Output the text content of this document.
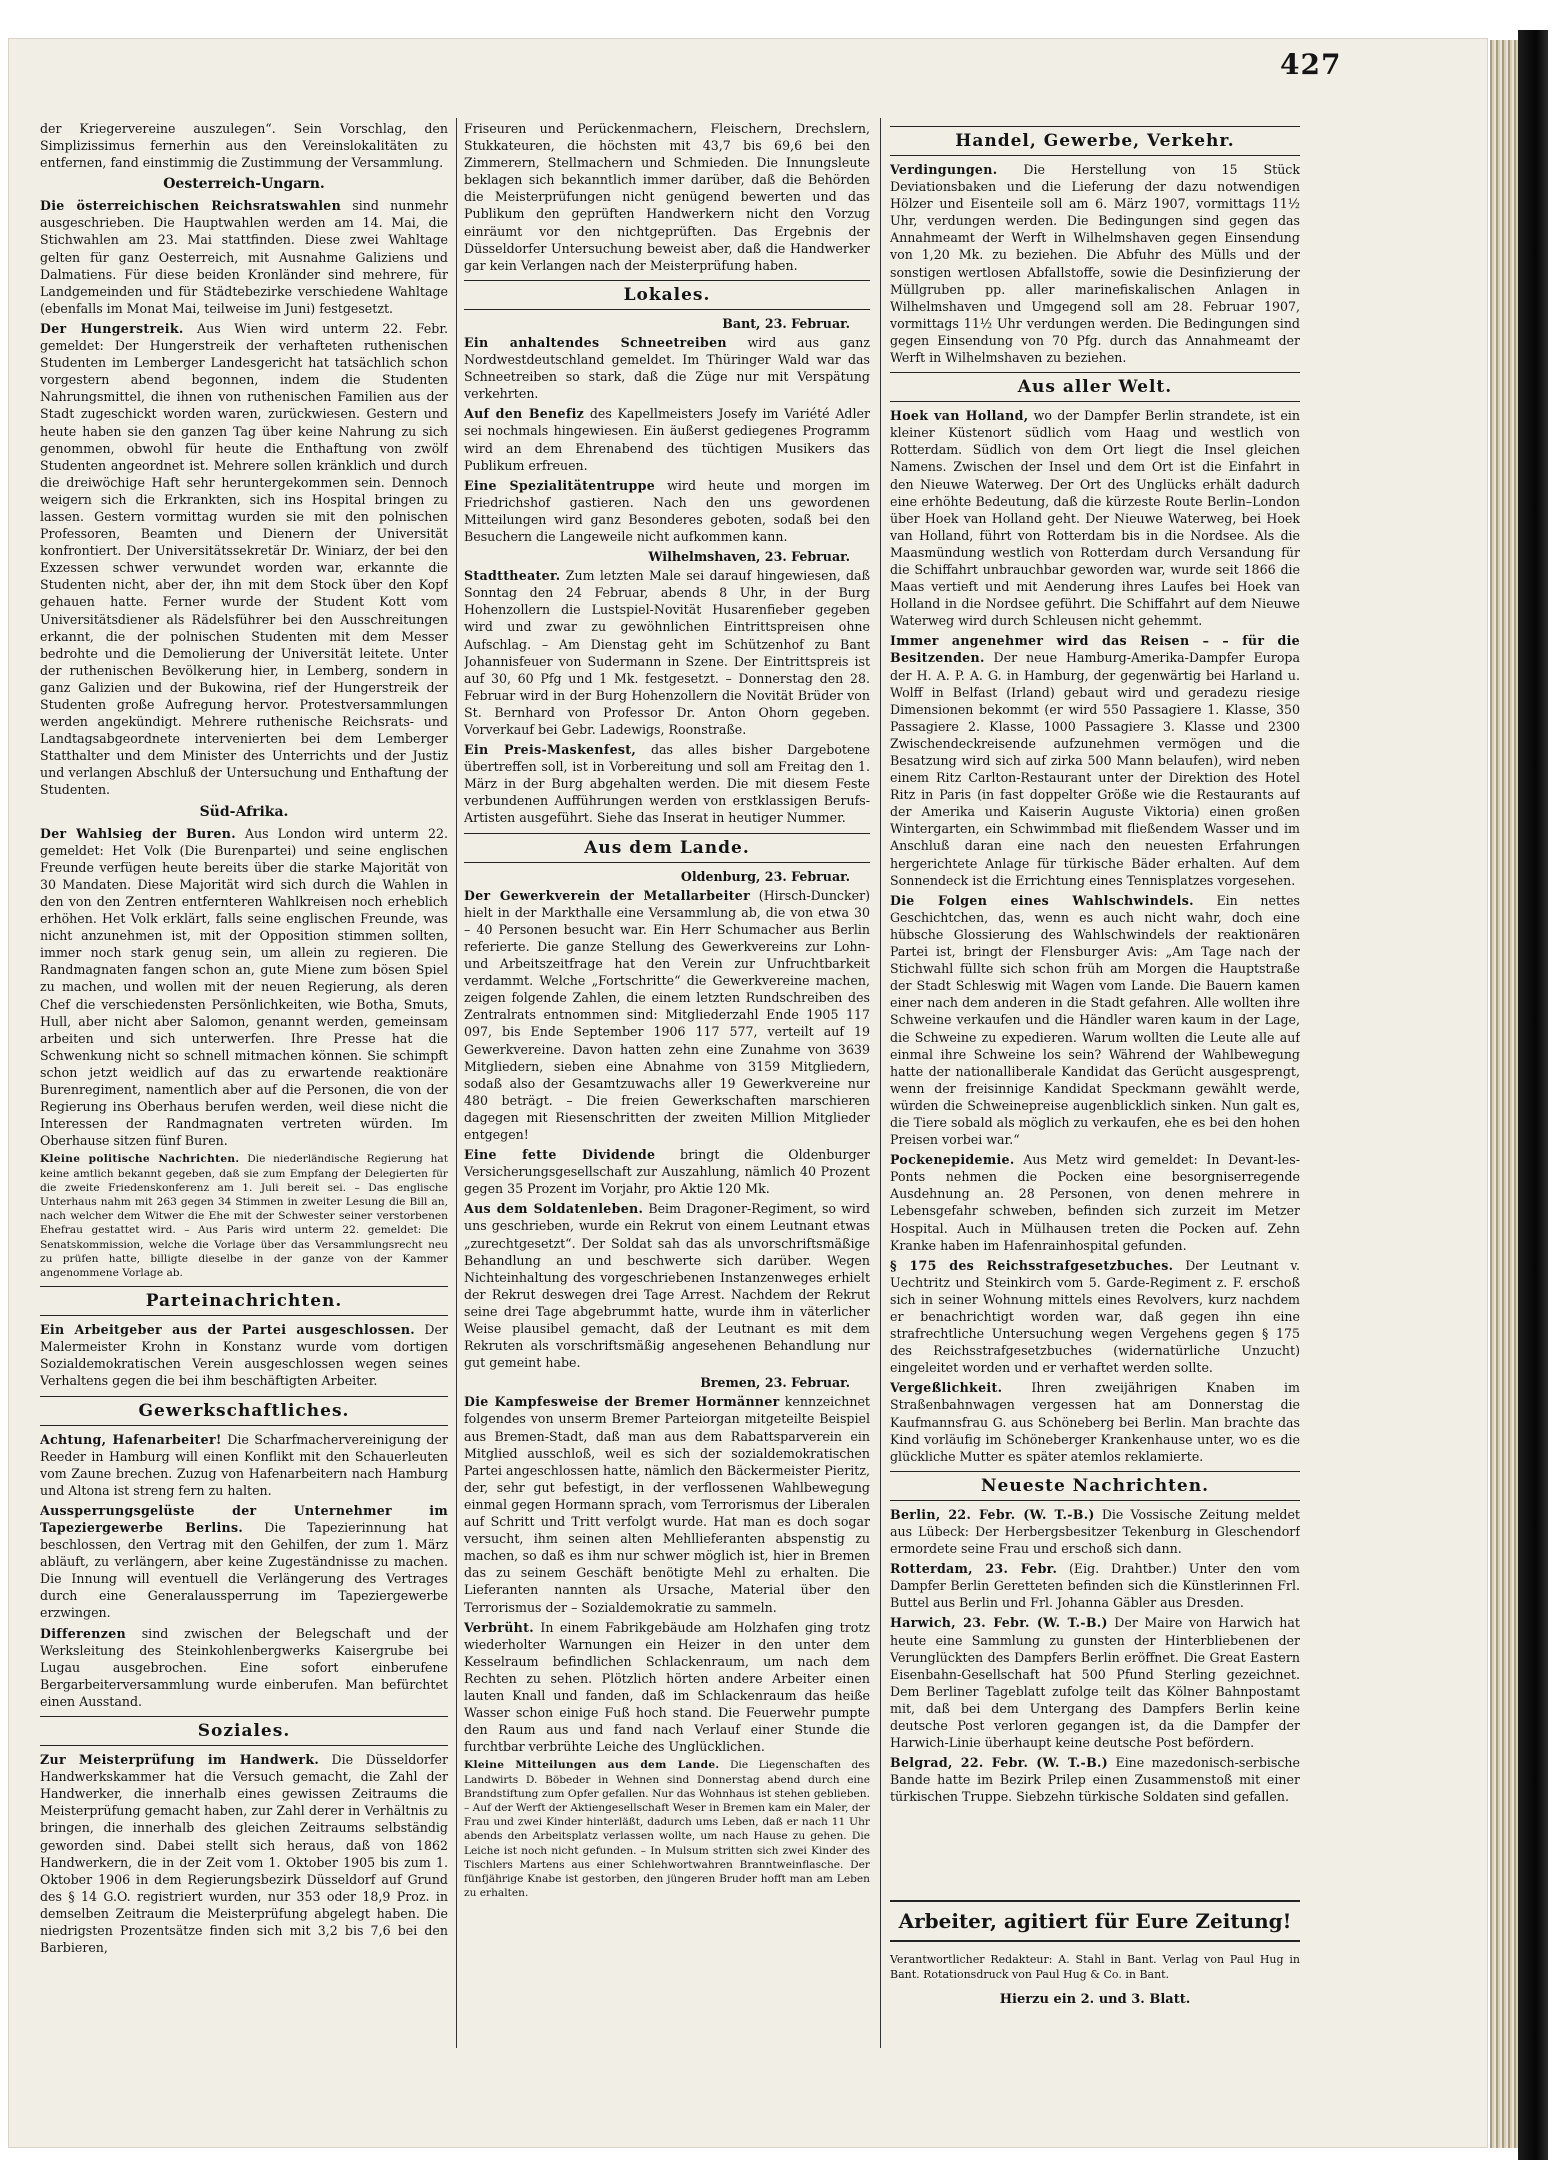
427

der Kriegervereine auszulegen“. Sein Vorschlag, den Simplizissimus fernerhin aus den Vereinslokalitäten zu entfernen, fand einstimmig die Zustimmung der Versammlung.

Oesterreich-Ungarn.

Die österreichischen Reichsratswahlen sind nunmehr ausgeschrieben. Die Hauptwahlen werden am 14. Mai, die Stichwahlen am 23. Mai stattfinden. Diese zwei Wahltage gelten für ganz Oesterreich, mit Ausnahme Galiziens und Dalmatiens. Für diese beiden Kronländer sind mehrere, für Landgemeinden und für Städtebezirke verschiedene Wahltage (ebenfalls im Monat Mai, teilweise im Juni) festgesetzt.

Der Hungerstreik. Aus Wien wird unterm 22. Febr. gemeldet: Der Hungerstreik der verhafteten ruthenischen Studenten im Lemberger Landesgericht hat tatsächlich schon vorgestern abend begonnen, indem die Studenten Nahrungsmittel, die ihnen von ruthenischen Familien aus der Stadt zugeschickt worden waren, zurückwiesen. Gestern und heute haben sie den ganzen Tag über keine Nahrung zu sich genommen, obwohl für heute die Enthaftung von zwölf Studenten angeordnet ist. Mehrere sollen kränklich und durch die dreiwöchige Haft sehr heruntergekommen sein. Dennoch weigern sich die Erkrankten, sich ins Hospital bringen zu lassen. Gestern vormittag wurden sie mit den polnischen Professoren, Beamten und Dienern der Universität konfrontiert. Der Universitätssekretär Dr. Winiarz, der bei den Exzessen schwer verwundet worden war, erkannte die Studenten nicht, aber der, ihn mit dem Stock über den Kopf gehauen hatte. Ferner wurde der Student Kott vom Universitätsdiener als Rädelsführer bei den Ausschreitungen erkannt, die der polnischen Studenten mit dem Messer bedrohte und die Demolierung der Universität leitete. Unter der ruthenischen Bevölkerung hier, in Lemberg, sondern in ganz Galizien und der Bukowina, rief der Hungerstreik der Studenten große Aufregung hervor. Protestversammlungen werden angekündigt. Mehrere ruthenische Reichsrats- und Landtagsabgeordnete intervenierten bei dem Lemberger Statthalter und dem Minister des Unterrichts und der Justiz und verlangen Abschluß der Untersuchung und Enthaftung der Studenten.

Süd-Afrika.

Der Wahlsieg der Buren. Aus London wird unterm 22. gemeldet: Het Volk (Die Burenpartei) und seine englischen Freunde verfügen heute bereits über die starke Majorität von 30 Mandaten. Diese Majorität wird sich durch die Wahlen in den von den Zentren entfernteren Wahlkreisen noch erheblich erhöhen. Het Volk erklärt, falls seine englischen Freunde, was nicht anzunehmen ist, mit der Opposition stimmen sollten, immer noch stark genug sein, um allein zu regieren. Die Randmagnaten fangen schon an, gute Miene zum bösen Spiel zu machen, und wollen mit der neuen Regierung, als deren Chef die verschiedensten Persönlichkeiten, wie Botha, Smuts, Hull, aber nicht aber Salomon, genannt werden, gemeinsam arbeiten und sich unterwerfen. Ihre Presse hat die Schwenkung nicht so schnell mitmachen können. Sie schimpft schon jetzt weidlich auf das zu erwartende reaktionäre Burenregiment, namentlich aber auf die Personen, die von der Regierung ins Oberhaus berufen werden, weil diese nicht die Interessen der Randmagnaten vertreten würden. Im Oberhause sitzen fünf Buren.

Kleine politische Nachrichten. Die niederländische Regierung hat keine amtlich bekannt gegeben, daß sie zum Empfang der Delegierten für die zweite Friedenskonferenz am 1. Juli bereit sei. – Das englische Unterhaus nahm mit 263 gegen 34 Stimmen in zweiter Lesung die Bill an, nach welcher dem Witwer die Ehe mit der Schwester seiner verstorbenen Ehefrau gestattet wird. – Aus Paris wird unterm 22. gemeldet: Die Senatskommission, welche die Vorlage über das Versammlungsrecht neu zu prüfen hatte, billigte dieselbe in der ganze von der Kammer angenommene Vorlage ab.

Parteinachrichten.

Ein Arbeitgeber aus der Partei ausgeschlossen. Der Malermeister Krohn in Konstanz wurde vom dortigen Sozialdemokratischen Verein ausgeschlossen wegen seines Verhaltens gegen die bei ihm beschäftigten Arbeiter.

Gewerkschaftliches.

Achtung, Hafenarbeiter! Die Scharfmachervereinigung der Reeder in Hamburg will einen Konflikt mit den Schauerleuten vom Zaune brechen. Zuzug von Hafenarbeitern nach Hamburg und Altona ist streng fern zu halten.

Aussperrungsgelüste der Unternehmer im Tapeziergewerbe Berlins. Die Tapezierinnung hat beschlossen, den Vertrag mit den Gehilfen, der zum 1. März abläuft, zu verlängern, aber keine Zugeständnisse zu machen. Die Innung will eventuell die Verlängerung des Vertrages durch eine Generalaussperrung im Tapeziergewerbe erzwingen.

Differenzen sind zwischen der Belegschaft und der Werksleitung des Steinkohlenbergwerks Kaisergrube bei Lugau ausgebrochen. Eine sofort einberufene Bergarbeiterversammlung wurde einberufen. Man befürchtet einen Ausstand.

Soziales.

Zur Meisterprüfung im Handwerk. Die Düsseldorfer Handwerkskammer hat die Versuch gemacht, die Zahl der Handwerker, die innerhalb eines gewissen Zeitraums die Meisterprüfung gemacht haben, zur Zahl derer in Verhältnis zu bringen, die innerhalb des gleichen Zeitraums selbständig geworden sind. Dabei stellt sich heraus, daß von 1862 Handwerkern, die in der Zeit vom 1. Oktober 1905 bis zum 1. Oktober 1906 in dem Regierungsbezirk Düsseldorf auf Grund des § 14 G.O. registriert wurden, nur 353 oder 18,9 Proz. in demselben Zeitraum die Meisterprüfung abgelegt haben. Die niedrigsten Prozentsätze finden sich mit 3,2 bis 7,6 bei den Barbieren,

Friseuren und Perückenmachern, Fleischern, Drechslern, Stukkateuren, die höchsten mit 43,7 bis 69,6 bei den Zimmerern, Stellmachern und Schmieden. Die Innungsleute beklagen sich bekanntlich immer darüber, daß die Behörden die Meisterprüfungen nicht genügend bewerten und das Publikum den geprüften Handwerkern nicht den Vorzug einräumt vor den nichtgeprüften. Das Ergebnis der Düsseldorfer Untersuchung beweist aber, daß die Handwerker gar kein Verlangen nach der Meisterprüfung haben.

Lokales.
Bant, 23. Februar.

Ein anhaltendes Schneetreiben wird aus ganz Nordwestdeutschland gemeldet. Im Thüringer Wald war das Schneetreiben so stark, daß die Züge nur mit Verspätung verkehrten.

Auf den Benefiz des Kapellmeisters Josefy im Variété Adler sei nochmals hingewiesen. Ein äußerst gediegenes Programm wird an dem Ehrenabend des tüchtigen Musikers das Publikum erfreuen.

Eine Spezialitätentruppe wird heute und morgen im Friedrichshof gastieren. Nach den uns gewordenen Mitteilungen wird ganz Besonderes geboten, sodaß bei den Besuchern die Langeweile nicht aufkommen kann.

Wilhelmshaven, 23. Februar.

Stadttheater. Zum letzten Male sei darauf hingewiesen, daß Sonntag den 24 Februar, abends 8 Uhr, in der Burg Hohenzollern die Lustspiel-Novität Husarenfieber gegeben wird und zwar zu gewöhnlichen Eintrittspreisen ohne Aufschlag. – Am Dienstag geht im Schützenhof zu Bant Johannisfeuer von Sudermann in Szene. Der Eintrittspreis ist auf 30, 60 Pfg und 1 Mk. festgesetzt. – Donnerstag den 28. Februar wird in der Burg Hohenzollern die Novität Brüder von St. Bernhard von Professor Dr. Anton Ohorn gegeben. Vorverkauf bei Gebr. Ladewigs, Roonstraße.

Ein Preis-Maskenfest, das alles bisher Dargebotene übertreffen soll, ist in Vorbereitung und soll am Freitag den 1. März in der Burg abgehalten werden. Die mit diesem Feste verbundenen Aufführungen werden von erstklassigen Berufs-Artisten ausgeführt. Siehe das Inserat in heutiger Nummer.

Aus dem Lande.
Oldenburg, 23. Februar.

Der Gewerkverein der Metallarbeiter (Hirsch-Duncker) hielt in der Markthalle eine Versammlung ab, die von etwa 30 – 40 Personen besucht war. Ein Herr Schumacher aus Berlin referierte. Die ganze Stellung des Gewerkvereins zur Lohn- und Arbeitszeitfrage hat den Verein zur Unfruchtbarkeit verdammt. Welche „Fortschritte“ die Gewerkvereine machen, zeigen folgende Zahlen, die einem letzten Rundschreiben des Zentralrats entnommen sind: Mitgliederzahl Ende 1905 117 097, bis Ende September 1906 117 577, verteilt auf 19 Gewerkvereine. Davon hatten zehn eine Zunahme von 3639 Mitgliedern, sieben eine Abnahme von 3159 Mitgliedern, sodaß also der Gesamtzuwachs aller 19 Gewerkvereine nur 480 beträgt. – Die freien Gewerkschaften marschieren dagegen mit Riesenschritten der zweiten Million Mitglieder entgegen!

Eine fette Dividende bringt die Oldenburger Versicherungsgesellschaft zur Auszahlung, nämlich 40 Prozent gegen 35 Prozent im Vorjahr, pro Aktie 120 Mk.

Aus dem Soldatenleben. Beim Dragoner-Regiment, so wird uns geschrieben, wurde ein Rekrut von einem Leutnant etwas „zurechtgesetzt“. Der Soldat sah das als unvorschriftsmäßige Behandlung an und beschwerte sich darüber. Wegen Nichteinhaltung des vorgeschriebenen Instanzenweges erhielt der Rekrut deswegen drei Tage Arrest. Nachdem der Rekrut seine drei Tage abgebrummt hatte, wurde ihm in väterlicher Weise plausibel gemacht, daß der Leutnant es mit dem Rekruten als vorschriftsmäßig angesehenen Behandlung nur gut gemeint habe.

Bremen, 23. Februar.

Die Kampfesweise der Bremer Hormänner kennzeichnet folgendes von unserm Bremer Parteiorgan mitgeteilte Beispiel aus Bremen-Stadt, daß man aus dem Rabattsparverein ein Mitglied ausschloß, weil es sich der sozialdemokratischen Partei angeschlossen hatte, nämlich den Bäckermeister Pieritz, der, sehr gut befestigt, in der verflossenen Wahlbewegung einmal gegen Hormann sprach, vom Terrorismus der Liberalen auf Schritt und Tritt verfolgt wurde. Hat man es doch sogar versucht, ihm seinen alten Mehllieferanten abspenstig zu machen, so daß es ihm nur schwer möglich ist, hier in Bremen das zu seinem Geschäft benötigte Mehl zu erhalten. Die Lieferanten nannten als Ursache, Material über den Terrorismus der – Sozialdemokratie zu sammeln.

Verbrüht. In einem Fabrikgebäude am Holzhafen ging trotz wiederholter Warnungen ein Heizer in den unter dem Kesselraum befindlichen Schlackenraum, um nach dem Rechten zu sehen. Plötzlich hörten andere Arbeiter einen lauten Knall und fanden, daß im Schlackenraum das heiße Wasser schon einige Fuß hoch stand. Die Feuerwehr pumpte den Raum aus und fand nach Verlauf einer Stunde die furchtbar verbrühte Leiche des Unglücklichen.

Kleine Mitteilungen aus dem Lande. Die Liegenschaften des Landwirts D. Böbeder in Wehnen sind Donnerstag abend durch eine Brandstiftung zum Opfer gefallen. Nur das Wohnhaus ist stehen geblieben. – Auf der Werft der Aktiengesellschaft Weser in Bremen kam ein Maler, der Frau und zwei Kinder hinterläßt, dadurch ums Leben, daß er nach 11 Uhr abends den Arbeitsplatz verlassen wollte, um nach Hause zu gehen. Die Leiche ist noch nicht gefunden. – In Mulsum stritten sich zwei Kinder des Tischlers Martens aus einer Schlehwortwahren Branntweinflasche. Der fünfjährige Knabe ist gestorben, den jüngeren Bruder hofft man am Leben zu erhalten.

Handel, Gewerbe, Verkehr.

Verdingungen. Die Herstellung von 15 Stück Deviationsbaken und die Lieferung der dazu notwendigen Hölzer und Eisenteile soll am 6. März 1907, vormittags 11½ Uhr, verdungen werden. Die Bedingungen sind gegen das Annahmeamt der Werft in Wilhelmshaven gegen Einsendung von 1,20 Mk. zu beziehen. Die Abfuhr des Mülls und der sonstigen wertlosen Abfallstoffe, sowie die Desinfizierung der Müllgruben pp. aller marinefiskalischen Anlagen in Wilhelmshaven und Umgegend soll am 28. Februar 1907, vormittags 11½ Uhr verdungen werden. Die Bedingungen sind gegen Einsendung von 70 Pfg. durch das Annahmeamt der Werft in Wilhelmshaven zu beziehen.

Aus aller Welt.

Hoek van Holland, wo der Dampfer Berlin strandete, ist ein kleiner Küstenort südlich vom Haag und westlich von Rotterdam. Südlich von dem Ort liegt die Insel gleichen Namens. Zwischen der Insel und dem Ort ist die Einfahrt in den Nieuwe Waterweg. Der Ort des Unglücks erhält dadurch eine erhöhte Bedeutung, daß die kürzeste Route Berlin–London über Hoek van Holland geht. Der Nieuwe Waterweg, bei Hoek van Holland, führt von Rotterdam bis in die Nordsee. Als die Maasmündung westlich von Rotterdam durch Versandung für die Schiffahrt unbrauchbar geworden war, wurde seit 1866 die Maas vertieft und mit Aenderung ihres Laufes bei Hoek van Holland in die Nordsee geführt. Die Schiffahrt auf dem Nieuwe Waterweg wird durch Schleusen nicht gehemmt.

Immer angenehmer wird das Reisen – – für die Besitzenden. Der neue Hamburg-Amerika-Dampfer Europa der H. A. P. A. G. in Hamburg, der gegenwärtig bei Harland u. Wolff in Belfast (Irland) gebaut wird und geradezu riesige Dimensionen bekommt (er wird 550 Passagiere 1. Klasse, 350 Passagiere 2. Klasse, 1000 Passagiere 3. Klasse und 2300 Zwischendeckreisende aufzunehmen vermögen und die Besatzung wird sich auf zirka 500 Mann belaufen), wird neben einem Ritz Carlton-Restaurant unter der Direktion des Hotel Ritz in Paris (in fast doppelter Größe wie die Restaurants auf der Amerika und Kaiserin Auguste Viktoria) einen großen Wintergarten, ein Schwimmbad mit fließendem Wasser und im Anschluß daran eine nach den neuesten Erfahrungen hergerichtete Anlage für türkische Bäder erhalten. Auf dem Sonnendeck ist die Errichtung eines Tennisplatzes vorgesehen.

Die Folgen eines Wahlschwindels. Ein nettes Geschichtchen, das, wenn es auch nicht wahr, doch eine hübsche Glossierung des Wahlschwindels der reaktionären Partei ist, bringt der Flensburger Avis: „Am Tage nach der Stichwahl füllte sich schon früh am Morgen die Hauptstraße der Stadt Schleswig mit Wagen vom Lande. Die Bauern kamen einer nach dem anderen in die Stadt gefahren. Alle wollten ihre Schweine verkaufen und die Händler waren kaum in der Lage, die Schweine zu expedieren. Warum wollten die Leute alle auf einmal ihre Schweine los sein? Während der Wahlbewegung hatte der nationalliberale Kandidat das Gerücht ausgesprengt, wenn der freisinnige Kandidat Speckmann gewählt werde, würden die Schweinepreise augenblicklich sinken. Nun galt es, die Tiere sobald als möglich zu verkaufen, ehe es bei den hohen Preisen vorbei war.“

Pockenepidemie. Aus Metz wird gemeldet: In Devant-les-Ponts nehmen die Pocken eine besorgniserregende Ausdehnung an. 28 Personen, von denen mehrere in Lebensgefahr schweben, befinden sich zurzeit im Metzer Hospital. Auch in Mülhausen treten die Pocken auf. Zehn Kranke haben im Hafenrainhospital gefunden.

§ 175 des Reichsstrafgesetzbuches. Der Leutnant v. Uechtritz und Steinkirch vom 5. Garde-Regiment z. F. erschoß sich in seiner Wohnung mittels eines Revolvers, kurz nachdem er benachrichtigt worden war, daß gegen ihn eine strafrechtliche Untersuchung wegen Vergehens gegen § 175 des Reichsstrafgesetzbuches (widernatürliche Unzucht) eingeleitet worden und er verhaftet werden sollte.

Vergeßlichkeit. Ihren zweijährigen Knaben im Straßenbahnwagen vergessen hat am Donnerstag die Kaufmannsfrau G. aus Schöneberg bei Berlin. Man brachte das Kind vorläufig im Schöneberger Krankenhause unter, wo es die glückliche Mutter es später atemlos reklamierte.

Neueste Nachrichten.

Berlin, 22. Febr. (W. T.-B.) Die Vossische Zeitung meldet aus Lübeck: Der Herbergsbesitzer Tekenburg in Gleschendorf ermordete seine Frau und erschoß sich dann.

Rotterdam, 23. Febr. (Eig. Drahtber.) Unter den vom Dampfer Berlin Geretteten befinden sich die Künstlerinnen Frl. Buttel aus Berlin und Frl. Johanna Gäbler aus Dresden.

Harwich, 23. Febr. (W. T.-B.) Der Maire von Harwich hat heute eine Sammlung zu gunsten der Hinterbliebenen der Verunglückten des Dampfers Berlin eröffnet. Die Great Eastern Eisenbahn-Gesellschaft hat 500 Pfund Sterling gezeichnet. Dem Berliner Tageblatt zufolge teilt das Kölner Bahnpostamt mit, daß bei dem Untergang des Dampfers Berlin keine deutsche Post verloren gegangen ist, da die Dampfer der Harwich-Linie überhaupt keine deutsche Post befördern.

Belgrad, 22. Febr. (W. T.-B.) Eine mazedonisch-serbische Bande hatte im Bezirk Prilep einen Zusammenstoß mit einer türkischen Truppe. Siebzehn türkische Soldaten sind gefallen.

Arbeiter, agitiert für Eure Zeitung!
Verantwortlicher Redakteur: A. Stahl in Bant. Verlag von Paul Hug in Bant. Rotationsdruck von Paul Hug & Co. in Bant.
Hierzu ein 2. und 3. Blatt.
